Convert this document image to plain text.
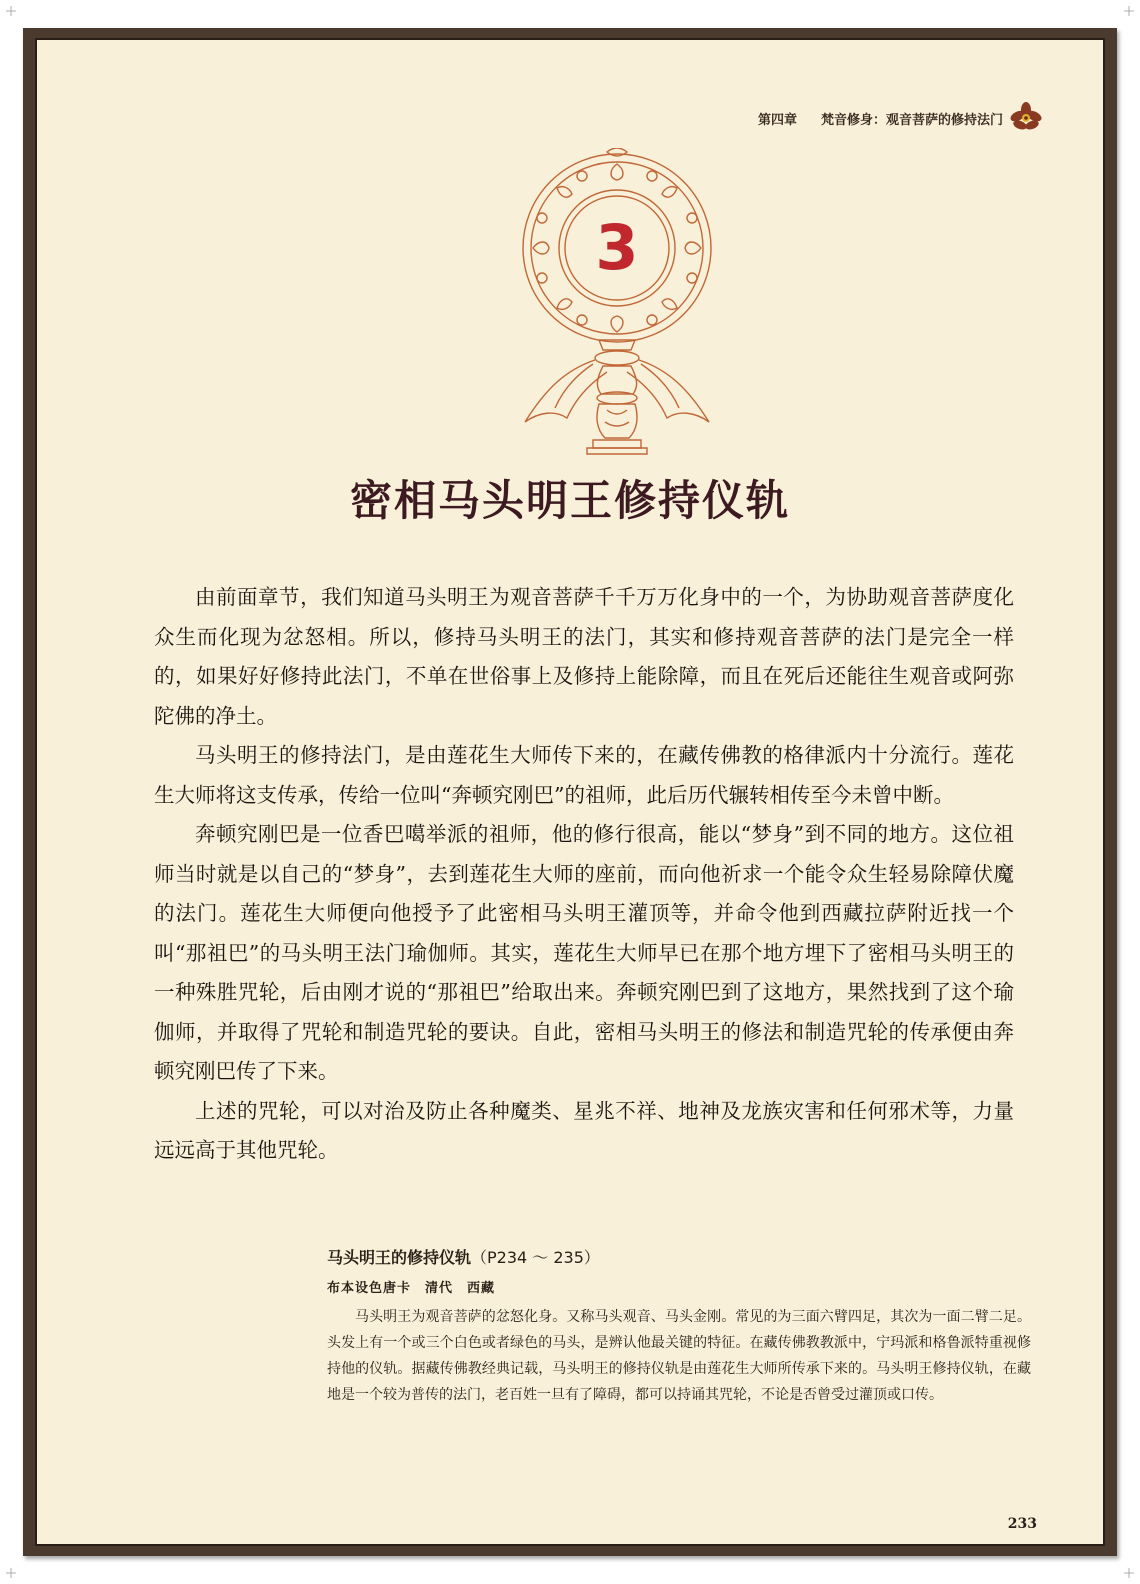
第四章 梵音修身：观音菩萨的修持法门
3
密相马头明王修持仪轨

由前面章节，我们知道马头明王为观音菩萨千千万万化身中的一个，为协助观音菩萨度化众生而化现为忿怒相。所以，修持马头明王的法门，其实和修持观音菩萨的法门是完全一样的，如果好好修持此法门，不单在世俗事上及修持上能除障，而且在死后还能往生观音或阿弥陀佛的净土。

马头明王的修持法门，是由莲花生大师传下来的，在藏传佛教的格律派内十分流行。莲花生大师将这支传承，传给一位叫“奔顿究刚巴”的祖师，此后历代辗转相传至今未曾中断。

奔顿究刚巴是一位香巴噶举派的祖师，他的修行很高，能以“梦身”到不同的地方。这位祖师当时就是以自己的“梦身”，去到莲花生大师的座前，而向他祈求一个能令众生轻易除障伏魔的法门。莲花生大师便向他授予了此密相马头明王灌顶等，并命令他到西藏拉萨附近找一个叫“那祖巴”的马头明王法门瑜伽师。其实，莲花生大师早已在那个地方埋下了密相马头明王的一种殊胜咒轮，后由刚才说的“那祖巴”给取出来。奔顿究刚巴到了这地方，果然找到了这个瑜伽师，并取得了咒轮和制造咒轮的要诀。自此，密相马头明王的修法和制造咒轮的传承便由奔顿究刚巴传了下来。

上述的咒轮，可以对治及防止各种魔类、星兆不祥、地神及龙族灾害和任何邪术等，力量远远高于其他咒轮。

马头明王的修持仪轨（P234 ～ 235）
布本设色唐卡　清代　西藏
马头明王为观音菩萨的忿怒化身。又称马头观音、马头金刚。常见的为三面六臂四足，其次为一面二臂二足。头发上有一个或三个白色或者绿色的马头，是辨认他最关键的特征。在藏传佛教教派中，宁玛派和格鲁派特重视修持他的仪轨。据藏传佛教经典记载，马头明王的修持仪轨是由莲花生大师所传承下来的。马头明王修持仪轨，在藏地是一个较为普传的法门，老百姓一旦有了障碍，都可以持诵其咒轮，不论是否曾受过灌顶或口传。
233
